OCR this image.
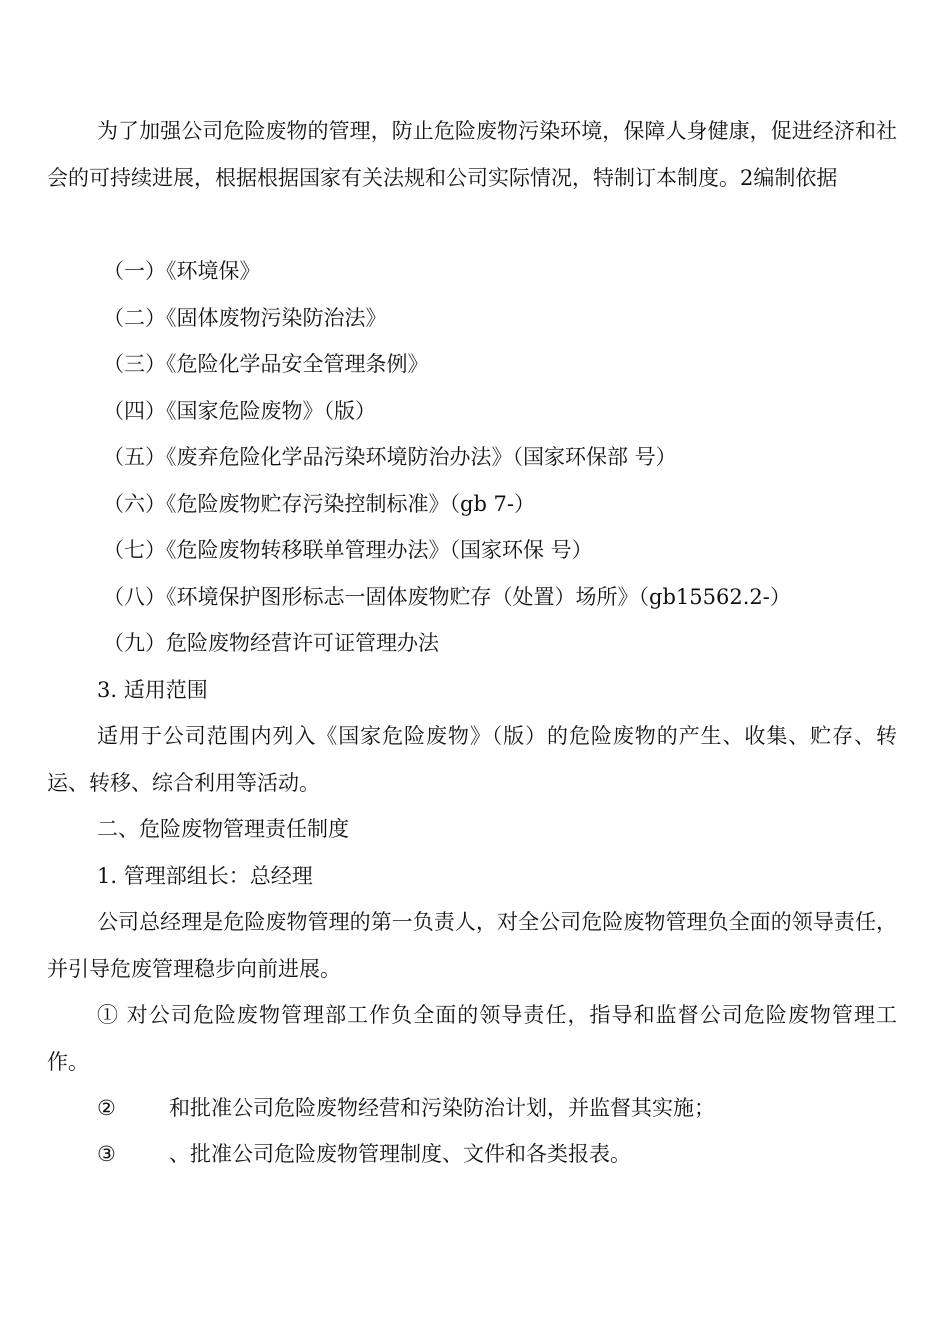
为了加强公司危险废物的管理，防止危险废物污染环境，保障人身健康，促进经济和社会的可持续进展，根据根据国家有关法规和公司实际情况，特制订本制度。2编制依据

（一）《环境保》

（二）《固体废物污染防治法》

（三）《危险化学品安全管理条例》

（四）《国家危险废物》（版）

（五）《废弃危险化学品污染环境防治办法》（国家环保部 号）

（六）《危险废物贮存污染控制标准》（gb 7-）

（七）《危险废物转移联单管理办法》（国家环保 号）

（八）《环境保护图形标志一固体废物贮存（处置）场所》（gb15562.2-）

（九）危险废物经营许可证管理办法

3. 适用范围

适用于公司范围内列入《国家危险废物》（版）的危险废物的产生、收集、贮存、转运、转移、综合利用等活动。

二、危险废物管理责任制度

1. 管理部组长：总经理

公司总经理是危险废物管理的第一负责人，对全公司危险废物管理负全面的领导责任，并引导危废管理稳步向前进展。

① 对公司危险废物管理部工作负全面的领导责任，指导和监督公司危险废物管理工作。

②	和批准公司危险废物经营和污染防治计划，并监督其实施；

③	、批准公司危险废物管理制度、文件和各类报表。
